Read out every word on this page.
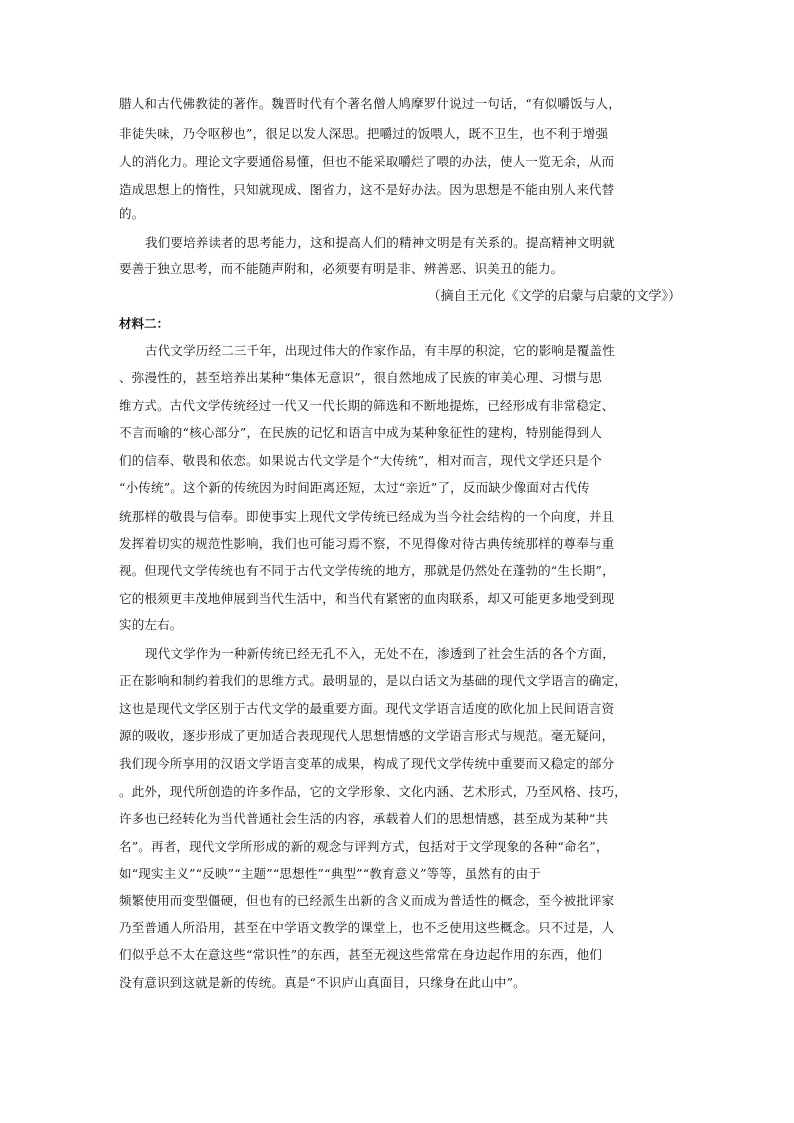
腊人和古代佛教徒的著作。魏晋时代有个著名僧人鸠摩罗什说过一句话，“有似嚼饭与人，
非徒失味，乃令呕秽也”，很足以发人深思。把嚼过的饭喂人，既不卫生，也不利于增强
人的消化力。理论文字要通俗易懂，但也不能采取嚼烂了喂的办法，使人一览无余，从而
造成思想上的惰性，只知就现成、图省力，这不是好办法。因为思想是不能由别人来代替
的。
我们要培养读者的思考能力，这和提高人们的精神文明是有关系的。提高精神文明就
要善于独立思考，而不能随声附和，必须要有明是非、辨善恶、识美丑的能力。
（摘自王元化《文学的启蒙与启蒙的文学》）
材料二：
古代文学历经二三千年，出现过伟大的作家作品，有丰厚的积淀，它的影响是覆盖性
、弥漫性的，甚至培养出某种“集体无意识”，很自然地成了民族的审美心理、习惯与思
维方式。古代文学传统经过一代又一代长期的筛选和不断地提炼，已经形成有非常稳定、
不言而喻的“核心部分”，在民族的记忆和语言中成为某种象征性的建构，特别能得到人
们的信奉、敬畏和依恋。如果说古代文学是个“大传统”，相对而言，现代文学还只是个
“小传统”。这个新的传统因为时间距离还短，太过“亲近”了，反而缺少像面对古代传
统那样的敬畏与信奉。即使事实上现代文学传统已经成为当今社会结构的一个向度，并且
发挥着切实的规范性影响，我们也可能习焉不察，不见得像对待古典传统那样的尊奉与重
视。但现代文学传统也有不同于古代文学传统的地方，那就是仍然处在蓬勃的“生长期”，
它的根须更丰茂地伸展到当代生活中，和当代有紧密的血肉联系，却又可能更多地受到现
实的左右。
现代文学作为一种新传统已经无孔不入，无处不在，渗透到了社会生活的各个方面，
正在影响和制约着我们的思维方式。最明显的，是以白话文为基础的现代文学语言的确定，
这也是现代文学区别于古代文学的最重要方面。现代文学语言适度的欧化加上民间语言资
源的吸收，逐步形成了更加适合表现现代人思想情感的文学语言形式与规范。毫无疑问，
我们现今所享用的汉语文学语言变革的成果，构成了现代文学传统中重要而又稳定的部分
。此外，现代所创造的许多作品，它的文学形象、文化内涵、艺术形式，乃至风格、技巧，
许多也已经转化为当代普通社会生活的内容，承载着人们的思想情感，甚至成为某种“共
名”。再者，现代文学所形成的新的观念与评判方式，包括对于文学现象的各种“命名”，
如“现实主义”“反映”“主题”“思想性”“典型”“教育意义”等等，虽然有的由于
频繁使用而变型僵硬，但也有的已经派生出新的含义而成为普适性的概念，至今被批评家
乃至普通人所沿用，甚至在中学语文教学的课堂上，也不乏使用这些概念。只不过是，人
们似乎总不太在意这些“常识性”的东西，甚至无视这些常常在身边起作用的东西，他们
没有意识到这就是新的传统。真是“不识庐山真面目，只缘身在此山中”。
